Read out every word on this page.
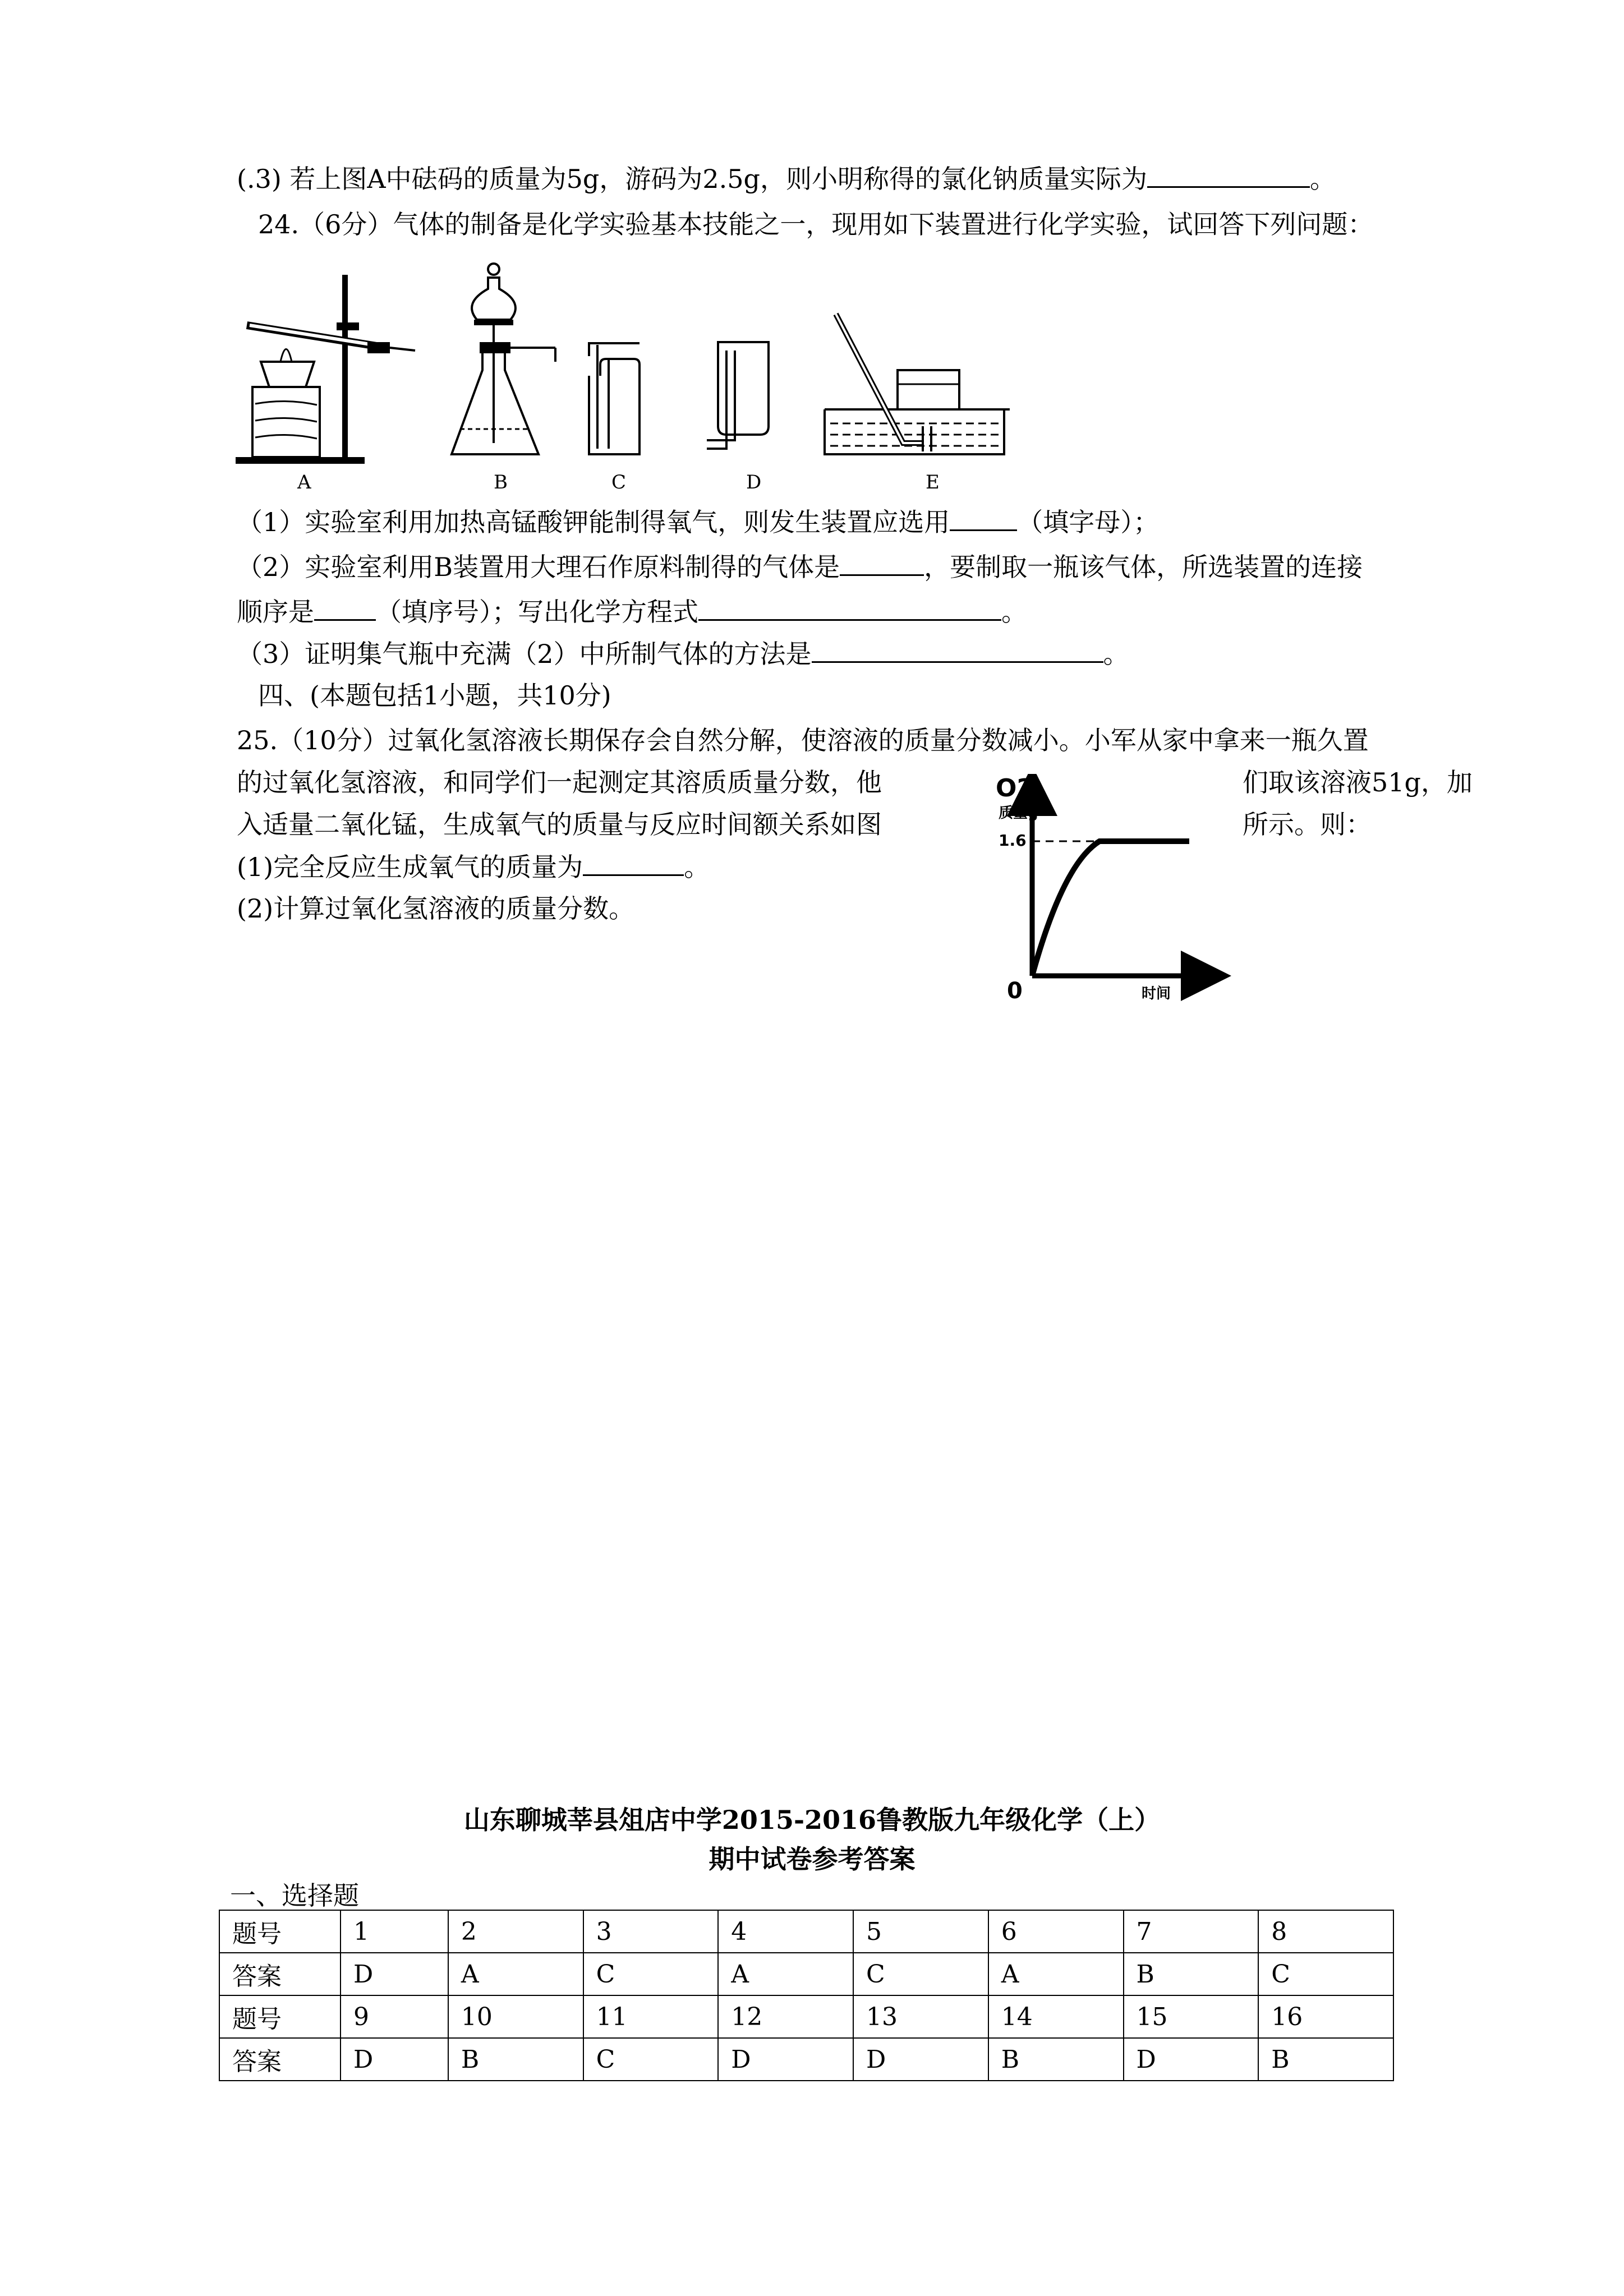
(.3) 若上图A中砝码的质量为5g，游码为2.5g，则小明称得的氯化钠质量实际为	。
24.（6分）气体的制备是化学实验基本技能之一，现用如下装置进行化学实验，试回答下列问题：
A	B	C	D	E
（1）实验室利用加热高锰酸钾能制得氧气，则发生装置应选用	（填字母）；
（2）实验室利用B装置用大理石作原料制得的气体是	，要制取一瓶该气体，所选装置的连接
顺序是 （填序号）；写出化学方程式	。
（3）证明集气瓶中充满（2）中所制气体的方法是	。
四、(本题包括1小题，共10分)
25.（10分）过氧化氢溶液长期保存会自然分解，使溶液的质量分数减小。小军从家中拿来一瓶久置
的过氧化氢溶液，和同学们一起测定其溶质质量分数，他	们取该溶液51g，加
入适量二氧化锰，生成氧气的质量与反应时间额关系如图	所示。则：
(1)完全反应生成氧气的质量为	。
(2)计算过氧化氢溶液的质量分数。
O2
质量g
1.6
0	时间
山东聊城莘县俎店中学2015-2016鲁教版九年级化学（上）
期中试卷参考答案
一、选择题
题号	1	2	3	4	5	6	7	8
答案	D	A	C	A	C	A	B	C
题号	9	10	11	12	13	14	15	16
答案	D	B	C	D	D	B	D	B
